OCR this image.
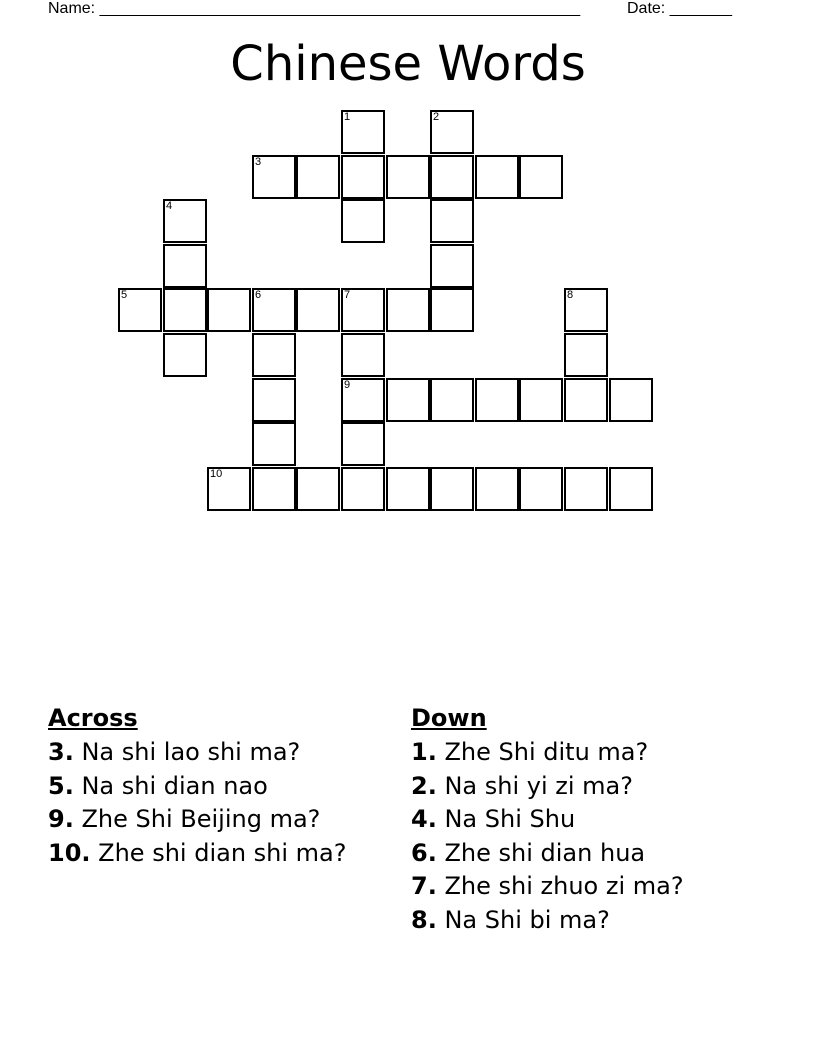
Name: ______________________________________________________	Date: _______
Chinese Words
1	2
3
4
5	6	7
9
8
10
Across
3. Na shi lao shi ma?
5. Na shi dian nao
9. Zhe Shi Beijing ma?
10. Zhe shi dian shi ma?
Down
1. Zhe Shi ditu ma?
2. Na shi yi zi ma?
4. Na Shi Shu
6. Zhe shi dian hua
7. Zhe shi zhuo zi ma?
8. Na Shi bi ma?
